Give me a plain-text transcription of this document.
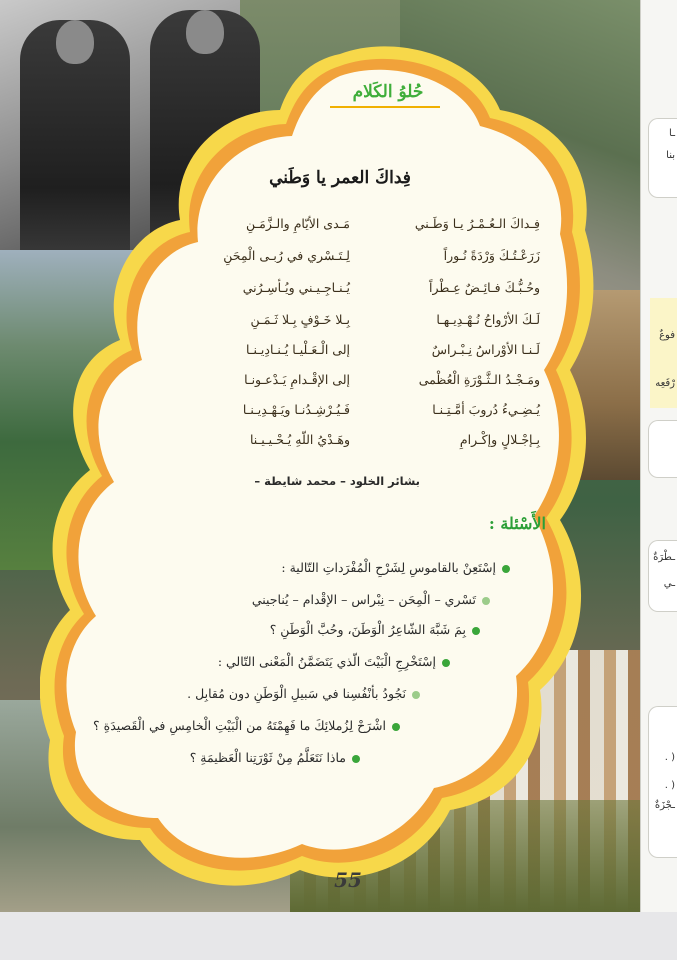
حُلوُ الكَلام
فِداكَ العمر يا وَطَني
فِـداكَ الـعُـمْـرُ يـا وَطَـني
مَـدى الأيّامِ والـزَّمَـنِ
زَرَعْـتُـكَ وَرْدَةً نُـوراً
لِـتَـسْري في رُبـى الْمِحَنِ
وحُـبُّـكَ فـائِـضٌ عِـطْراً
يُـنـاجِـيـني ويُـأسِـرُني
لَـكَ الأرْواحُ نُـهْـدِيـهـا
بِـلا خَـوْفٍ بِـلا ثَـمَـنِ
لَـنـا الأوْراسُ نِـبْـراسٌ
إلى الْـعَـلْيـا يُـنـادِيـنـا
ومَـجْـدُ الـثَّـوْرَةِ الْعُظْمى
إلى الإقْـدامِ يَـدْعـونـا
يُـضِـيءُ دُروبَ أمَّـتِـنـا
فَـيُـرْشِـدُنـا ويَـهْـدِيـنـا
بِـإجْـلالٍ وإكْـرامِ
وهَـدْيُ اللّهِ يُـحْـيـيـنا
بشائر الخلود – محمد شايطة –
الأَسْئلة :
إسْتَعِنْ بالقاموسِ لِشَرْحِ الْمُفْرَداتِ التّالية :
تَسْري – الْمِحَن – نِبْراس – الإقْدام – يُناجيني
بِمَ شَبَّهَ الشّاعِرُ الْوَطَنَ، وحُبَّ الْوَطَنِ ؟
إسْتَخْرِجِ الْبَيْتَ الّذي يَتَضَمَّنُ الْمَعْنى التّالي :
نَجُودُ بأنْفُسِنا في سَبيلِ الْوَطَنِ دون مُقابِل .
اشْرَحْ لِزُملائِكَ ما فَهِمْتَهُ من الْبَيْتِ الْخامِسِ في الْقَصيدَةِ ؟
ماذا نَتَعَلَّمُ مِنْ ثَوْرَتِنا الْعَظيمَةِ ؟
55
ـا
بنا
فوعٌ
رْفَعِه
ـطْرَةٌ
ـي
( .
( .
ـجْزَةٌ
